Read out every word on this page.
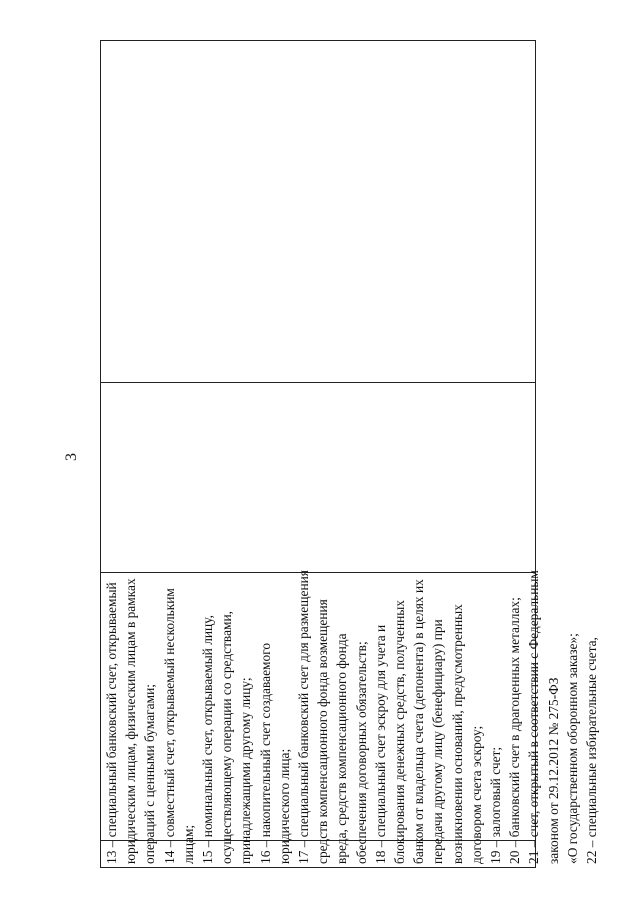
3

13 – специальный банковский счет, открываемый юридическим лицам, физическим лицам в рамках операций с ценными бумагами; 14 – совместный счет, открываемый нескольким лицам; 15 – номинальный счет, открываемый лицу, осуществляющему операции со средствами, принадлежащими другому лицу; 16 – накопительный счет создаваемого юридического лица; 17 – специальный банковский счет для размещения средств компенсационного фонда возмещения вреда, средств компенсационного фонда обеспечения договорных обязательств; 18 – специальный счет эскроу для учета и блокирования денежных средств, полученных банком от владельца счета (депонента) в целях их передачи другому лицу (бенефициару) при возникновении оснований, предусмотренных договором счета эскроу; 19 – залоговый счет; 20 – банковский счет в драгоценных металлах; 21 – счет, открытый в соответствии с Федеральным законом от 29.12.2012 № 275-ФЗ «О государственном оборонном заказе»; 22 – специальные избирательные счета,
